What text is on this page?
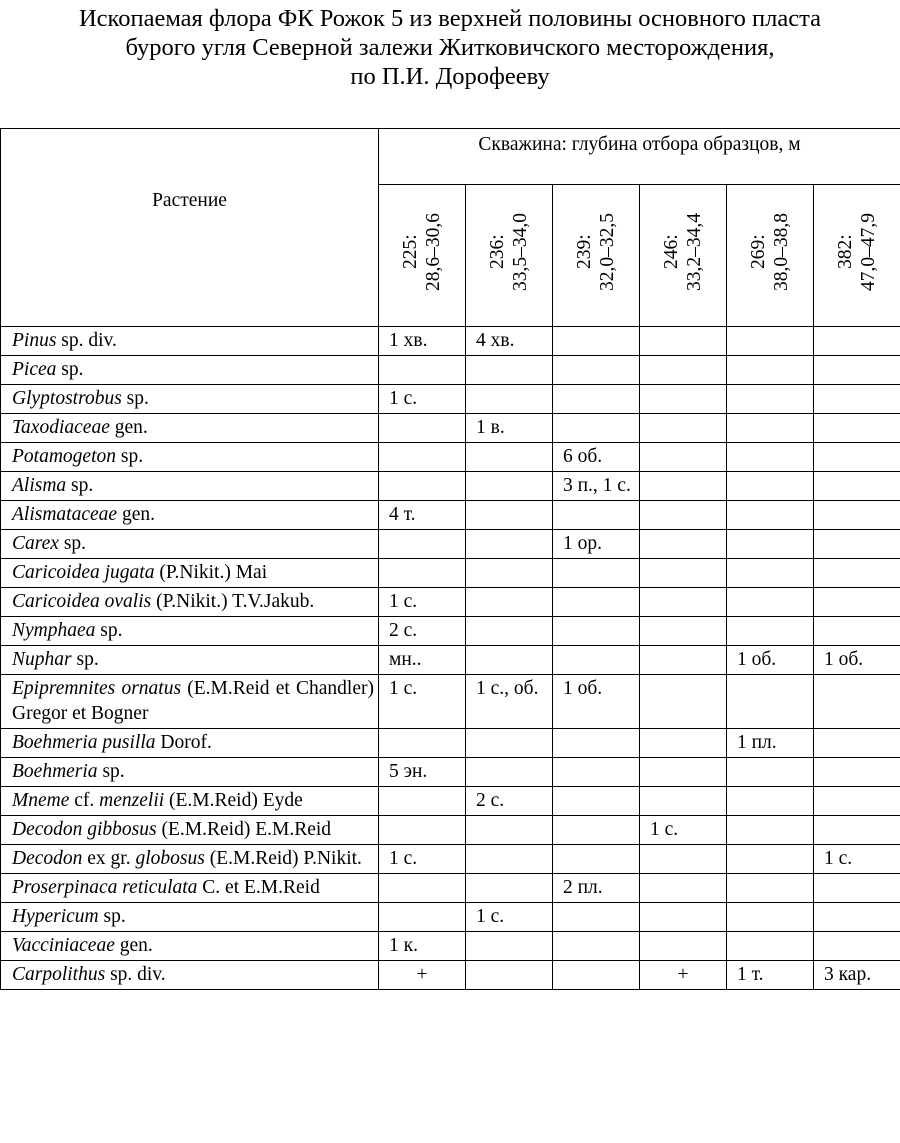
Ископаемая флора ФК Рожок 5 из верхней половины основного пласта
бурого угля Северной залежи Житковичского месторождения,
по П.И. Дорофееву
Растение	Скважина: глубина отбора образцов, м					

	225: 28,6–30,6	236: 33,5–34,0	239: 32,0–32,5	246: 33,2–34,4	269: 38,0–38,8	382: 47,0–47,9
Pinus sp. div.	1 хв.	4 хв.				
Picea sp.						
Glyptostrobus sp.	1 с.					
Taxodiaceae gen.		1 в.				
Potamogeton sp.			6 об.			
Alisma sp.			3 п., 1 с.			
Alismataceae gen.	4 т.					
Carex sp.			1 ор.			
Caricoidea jugata (P.Nikit.) Mai						
Caricoidea ovalis (P.Nikit.) T.V.Jakub.	1 с.					
Nymphaea sp.	2 с.					
Nuphar sp.	мн..				1 об.	1 об.
Epipremnites ornatus (E.M.Reid et Chandler) Gregor et Bogner	1 с.	1 с., об.	1 об.			
Boehmeria pusilla Dorof.					1 пл.	
Boehmeria sp.	5 эн.					
Mneme cf. menzelii (E.M.Reid) Eyde		2 с.				
Decodon gibbosus (E.M.Reid) E.M.Reid				1 с.		
Decodon ex gr. globosus (E.M.Reid) P.Nikit.	1 с.					1 с.
Proserpinaca reticulata C. et E.M.Reid			2 пл.			
Hypericum sp.		1 с.				
Vacciniaceae gen.	1 к.					
Carpolithus sp. div.	+			+	1 т.	3 кар.
